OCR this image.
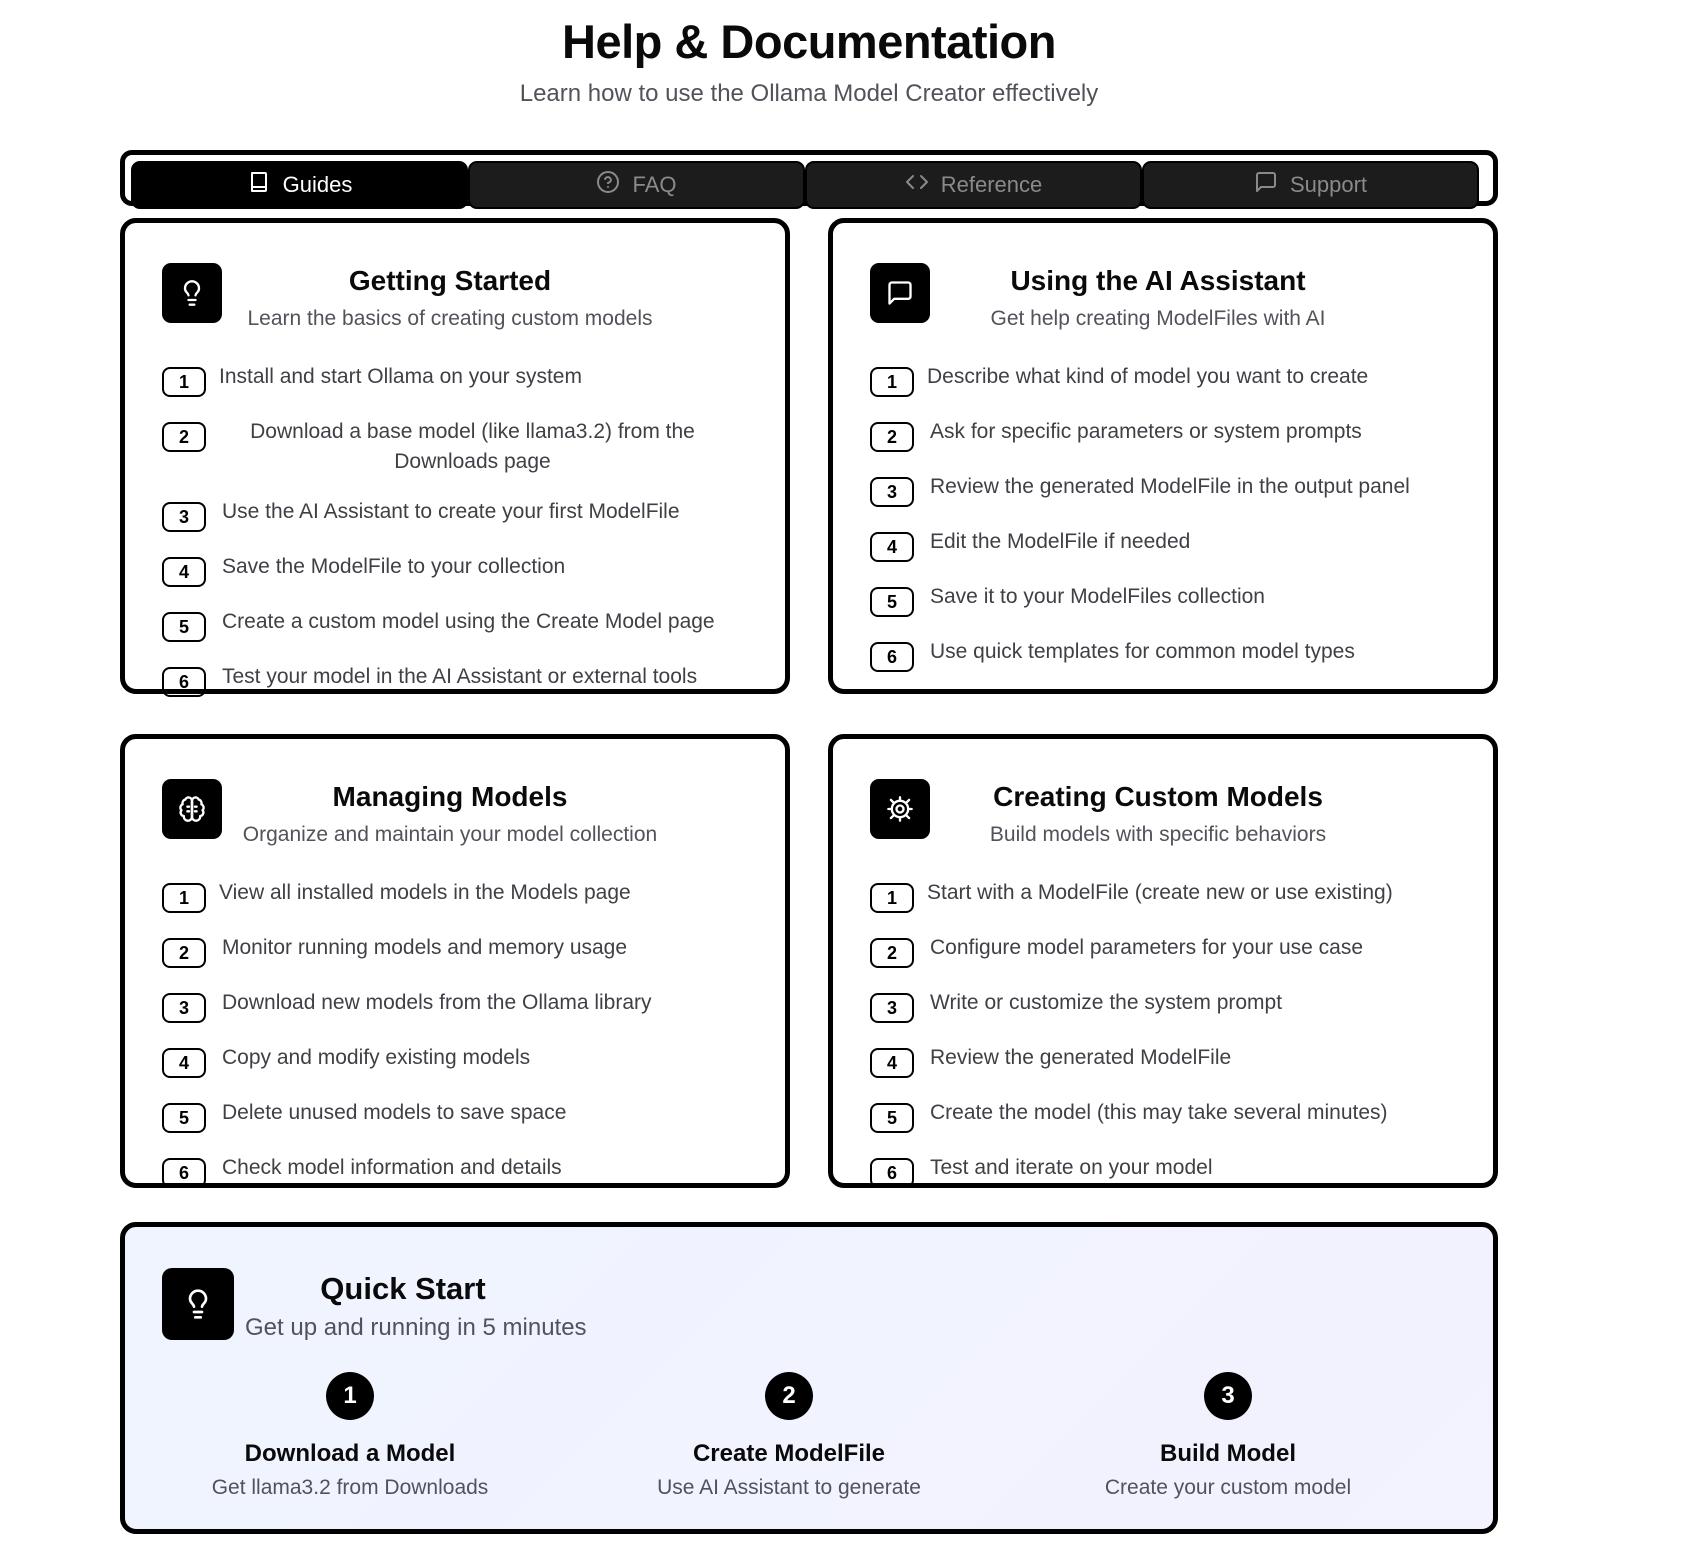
Help & Documentation

Learn how to use the Ollama Model Creator effectively

Guides	FAQ	Reference	Support
Getting Started
Learn the basics of creating custom models
1	Install and start Ollama on your system
2	Download a base model (like llama3.2) from the Downloads page
3	Use the AI Assistant to create your first ModelFile
4	Save the ModelFile to your collection
5	Create a custom model using the Create Model page
6	Test your model in the AI Assistant or external tools
Using the AI Assistant
Get help creating ModelFiles with AI
1	Describe what kind of model you want to create
2	Ask for specific parameters or system prompts
3	Review the generated ModelFile in the output panel
4	Edit the ModelFile if needed
5	Save it to your ModelFiles collection
6	Use quick templates for common model types
Managing Models
Organize and maintain your model collection
1	View all installed models in the Models page
2	Monitor running models and memory usage
3	Download new models from the Ollama library
4	Copy and modify existing models
5	Delete unused models to save space
6	Check model information and details
Creating Custom Models
Build models with specific behaviors
1	Start with a ModelFile (create new or use existing)
2	Configure model parameters for your use case
3	Write or customize the system prompt
4	Review the generated ModelFile
5	Create the model (this may take several minutes)
6	Test and iterate on your model
Quick Start
Get up and running in 5 minutes
1
Download a Model
Get llama3.2 from Downloads
2
Create ModelFile
Use AI Assistant to generate
3
Build Model
Create your custom model
